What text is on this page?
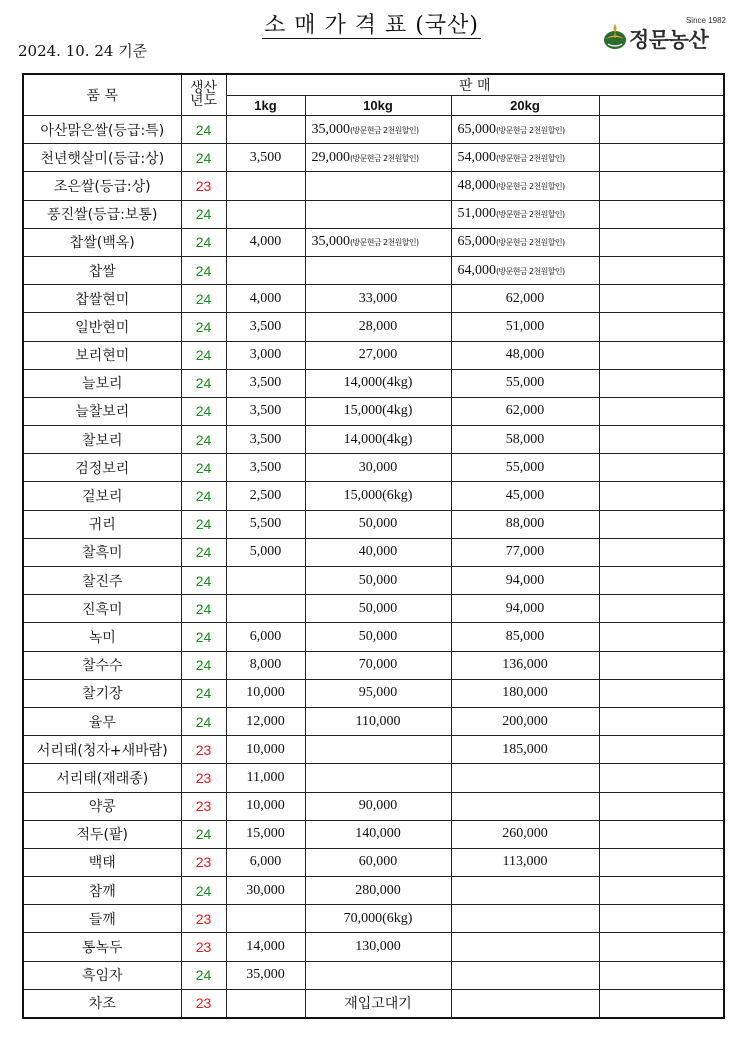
소 매 가 격 표 (국산)
2024. 10. 24 기준
Since 1982
정문농산
품 목	생산
년도	판 매			
		1kg	10kg	20kg	
아산맑은쌀(등급:특)	24		35,000(방문현금 2천원할인)	65,000(방문현금 2천원할인)	
천년햇살미(등급:상)	24	3,500	29,000(방문현금 2천원할인)	54,000(방문현금 2천원할인)	
조은쌀(등급:상)	23			48,000(방문현금 2천원할인)	
풍진쌀(등급:보통)	24			51,000(방문현금 2천원할인)	
찹쌀(백옥)	24	4,000	35,000(방문현금 2천원할인)	65,000(방문현금 2천원할인)	
찹쌀	24			64,000(방문현금 2천원할인)	
찹쌀현미	24	4,000	33,000	62,000	
일반현미	24	3,500	28,000	51,000	
보리현미	24	3,000	27,000	48,000	
늘보리	24	3,500	14,000(4kg)	55,000	
늘찰보리	24	3,500	15,000(4kg)	62,000	
찰보리	24	3,500	14,000(4kg)	58,000	
검정보리	24	3,500	30,000	55,000	
겉보리	24	2,500	15,000(6kg)	45,000	
귀리	24	5,500	50,000	88,000	
찰흑미	24	5,000	40,000	77,000	
찰진주	24		50,000	94,000	
진흑미	24		50,000	94,000	
녹미	24	6,000	50,000	85,000	
찰수수	24	8,000	70,000	136,000	
찰기장	24	10,000	95,000	180,000	
율무	24	12,000	110,000	200,000	
서리태(청자+새바람)	23	10,000		185,000	
서리태(재래종)	23	11,000			
약콩	23	10,000	90,000		
적두(팥)	24	15,000	140,000	260,000	
백태	23	6,000	60,000	113,000	
참깨	24	30,000	280,000		
들깨	23		70,000(6kg)		
통녹두	23	14,000	130,000		
흑임자	24	35,000			
차조	23		재입고대기		
